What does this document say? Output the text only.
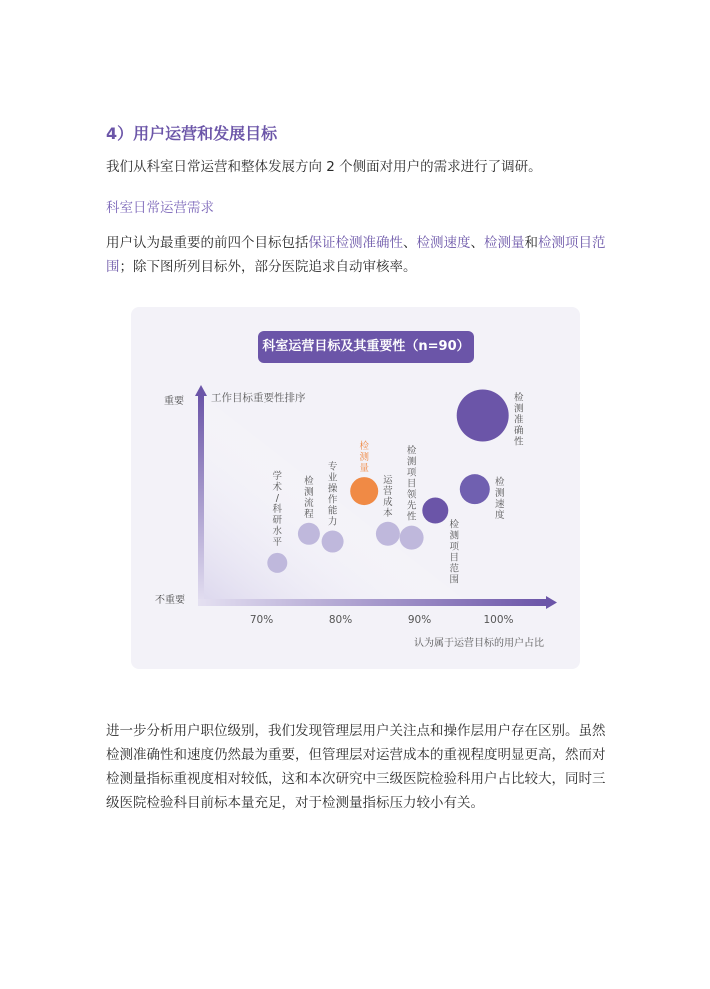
4）用户运营和发展目标
我们从科室日常运营和整体发展方向 2 个侧面对用户的需求进行了调研。
科室日常运营需求
用户认为最重要的前四个目标包括保证检测准确性、检测速度、检测量和检测项目范围；除下图所列目标外，部分医院追求自动审核率。
科室运营目标及其重要性（n=90）
重要
不重要
工作目标重要性排序
认为属于运营目标的用户占比
70%	80%	90%	100%
学术/科研水平
检测流程
专业操作能力
检测量
运营成本
检测项目领先性
检测项目范围
检测速度
检测准确性
进一步分析用户职位级别，我们发现管理层用户关注点和操作层用户存在区别。虽然检测准确性和速度仍然最为重要，但管理层对运营成本的重视程度明显更高，然而对检测量指标重视度相对较低，这和本次研究中三级医院检验科用户占比较大，同时三级医院检验科目前标本量充足，对于检测量指标压力较小有关。
